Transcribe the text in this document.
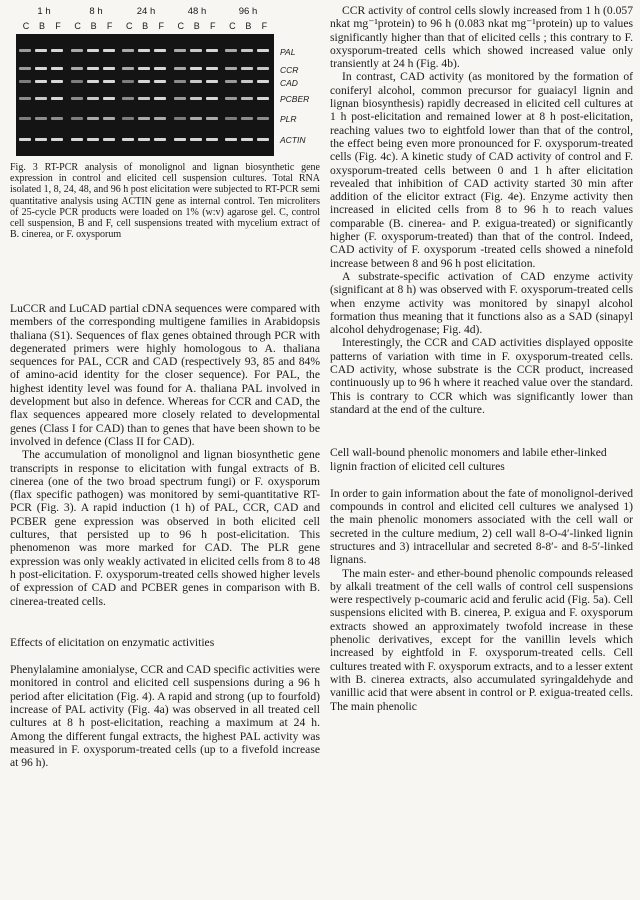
1 h	8 h	24 h	48 h	96 h
C	B	F	C	B	F	C	B	F	C	B	F	C	B	F
PAL
CCR
CAD
PCBER
PLR
ACTIN

Fig. 3 RT-PCR analysis of monolignol and lignan biosynthetic gene expression in control and elicited cell suspension cultures. Total RNA isolated 1, 8, 24, 48, and 96 h post elicitation were subjected to RT-PCR semi quantitative analysis using ACTIN gene as internal control. Ten microliters of 25-cycle PCR products were loaded on 1% (w:v) agarose gel. C, control cell suspension, B and F, cell suspensions treated with mycelium extract of B. cinerea, or F. oxysporum

LuCCR and LuCAD partial cDNA sequences were compared with members of the corresponding multigene families in Arabidopsis thaliana (S1). Sequences of flax genes obtained through PCR with degenerated primers were highly homologous to A. thaliana sequences for PAL, CCR and CAD (respectively 93, 85 and 84% of amino-acid identity for the closer sequence). For PAL, the highest identity level was found for A. thaliana PAL involved in development but also in defence. Whereas for CCR and CAD, the flax sequences appeared more closely related to developmental genes (Class I for CAD) than to genes that have been shown to be involved in defence (Class II for CAD).

The accumulation of monolignol and lignan biosynthetic gene transcripts in response to elicitation with fungal extracts of B. cinerea (one of the two broad spectrum fungi) or F. oxysporum (flax specific pathogen) was monitored by semi-quantitative RT-PCR (Fig. 3). A rapid induction (1 h) of PAL, CCR, CAD and PCBER gene expression was observed in both elicited cell cultures, that persisted up to 96 h post-elicitation. This phenomenon was more marked for CAD. The PLR gene expression was only weakly activated in elicited cells from 8 to 48 h post-elicitation. F. oxysporum-treated cells showed higher levels of expression of CAD and PCBER genes in comparison with B. cinerea-treated cells.

Effects of elicitation on enzymatic activities

Phenylalamine amonialyse, CCR and CAD specific activities were monitored in control and elicited cell suspensions during a 96 h period after elicitation (Fig. 4). A rapid and strong (up to fourfold) increase of PAL activity (Fig. 4a) was observed in all treated cell cultures at 8 h post-elicitation, reaching a maximum at 24 h. Among the different fungal extracts, the highest PAL activity was measured in F. oxysporum-treated cells (up to a fivefold increase at 96 h).

CCR activity of control cells slowly increased from 1 h (0.057 nkat mg⁻¹protein) to 96 h (0.083 nkat mg⁻¹protein) up to values significantly higher than that of elicited cells ; this contrary to F. oxysporum-treated cells which showed increased value only transiently at 24 h (Fig. 4b).

In contrast, CAD activity (as monitored by the formation of coniferyl alcohol, common precursor for guaiacyl lignin and lignan biosynthesis) rapidly decreased in elicited cell cultures at 1 h post-elicitation and remained lower at 8 h post-elicitation, reaching values two to eightfold lower than that of the control, the effect being even more pronounced for F. oxysporum-treated cells (Fig. 4c). A kinetic study of CAD activity of control and F. oxysporum-treated cells between 0 and 1 h after elicitation revealed that inhibition of CAD activity started 30 min after addition of the elicitor extract (Fig. 4e). Enzyme activity then increased in elicited cells from 8 to 96 h to reach values comparable (B. cinerea- and P. exigua-treated) or significantly higher (F. oxysporum-treated) than that of the control. Indeed, CAD activity of F. oxysporum -treated cells showed a ninefold increase between 8 and 96 h post elicitation.

A substrate-specific activation of CAD enzyme activity (significant at 8 h) was observed with F. oxysporum-treated cells when enzyme activity was monitored by sinapyl alcohol formation thus meaning that it functions also as a SAD (sinapyl alcohol dehydrogenase; Fig. 4d).

Interestingly, the CCR and CAD activities displayed opposite patterns of variation with time in F. oxysporum-treated cells. CAD activity, whose substrate is the CCR product, increased continuously up to 96 h where it reached value over the standard. This is contrary to CCR which was significantly lower than standard at the end of the culture.

Cell wall-bound phenolic monomers and labile ether-linked lignin fraction of elicited cell cultures

In order to gain information about the fate of monolignol-derived compounds in control and elicited cell cultures we analysed 1) the main phenolic monomers associated with the cell wall or secreted in the culture medium, 2) cell wall 8-O-4′-linked lignin structures and 3) intracellular and secreted 8-8′- and 8-5′-linked lignans.

The main ester- and ether-bound phenolic compounds released by alkali treatment of the cell walls of control cell suspensions were respectively p-coumaric acid and ferulic acid (Fig. 5a). Cell suspensions elicited with B. cinerea, P. exigua and F. oxysporum extracts showed an approximately twofold increase in these phenolic derivatives, except for the vanillin levels which increased by eightfold in F. oxysporum-treated cells. Cell cultures treated with F. oxysporum extracts, and to a lesser extent with B. cinerea extracts, also accumulated syringaldehyde and vanillic acid that were absent in control or P. exigua-treated cells. The main phenolic
